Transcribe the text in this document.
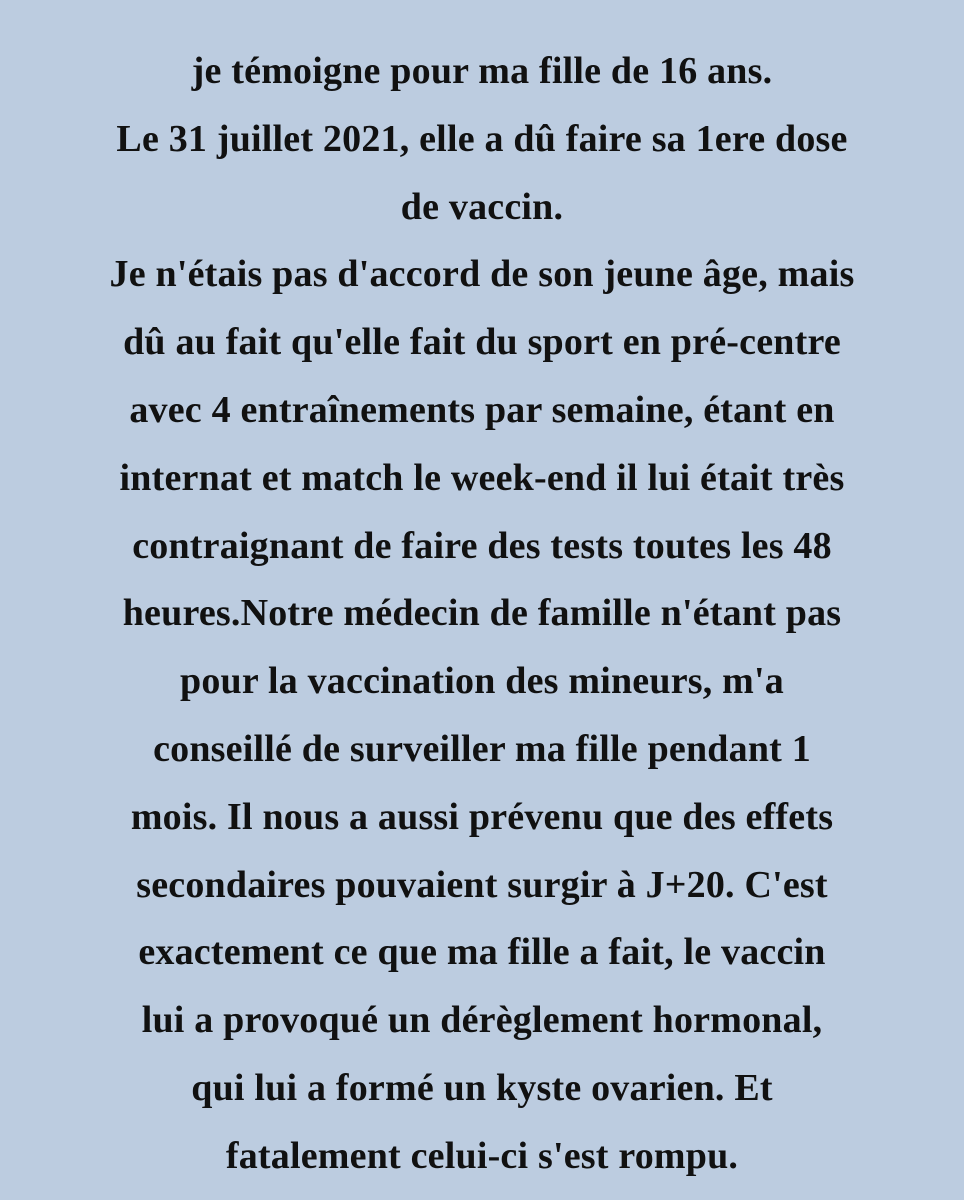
je témoigne pour ma fille de 16 ans.
Le 31 juillet 2021, elle a dû faire sa 1ere dose
de vaccin.
Je n'étais pas d'accord de son jeune âge, mais
dû au fait qu'elle fait du sport en pré-centre
avec 4 entraînements par semaine, étant en
internat et match le week-end il lui était très
contraignant de faire des tests toutes les 48
heures.Notre médecin de famille n'étant pas
pour la vaccination des mineurs, m'a
conseillé de surveiller ma fille pendant 1
mois. Il nous a aussi prévenu que des effets
secondaires pouvaient surgir à J+20. C'est
exactement ce que ma fille a fait, le vaccin
lui a provoqué un dérèglement hormonal,
qui lui a formé un kyste ovarien. Et
fatalement celui-ci s'est rompu.
